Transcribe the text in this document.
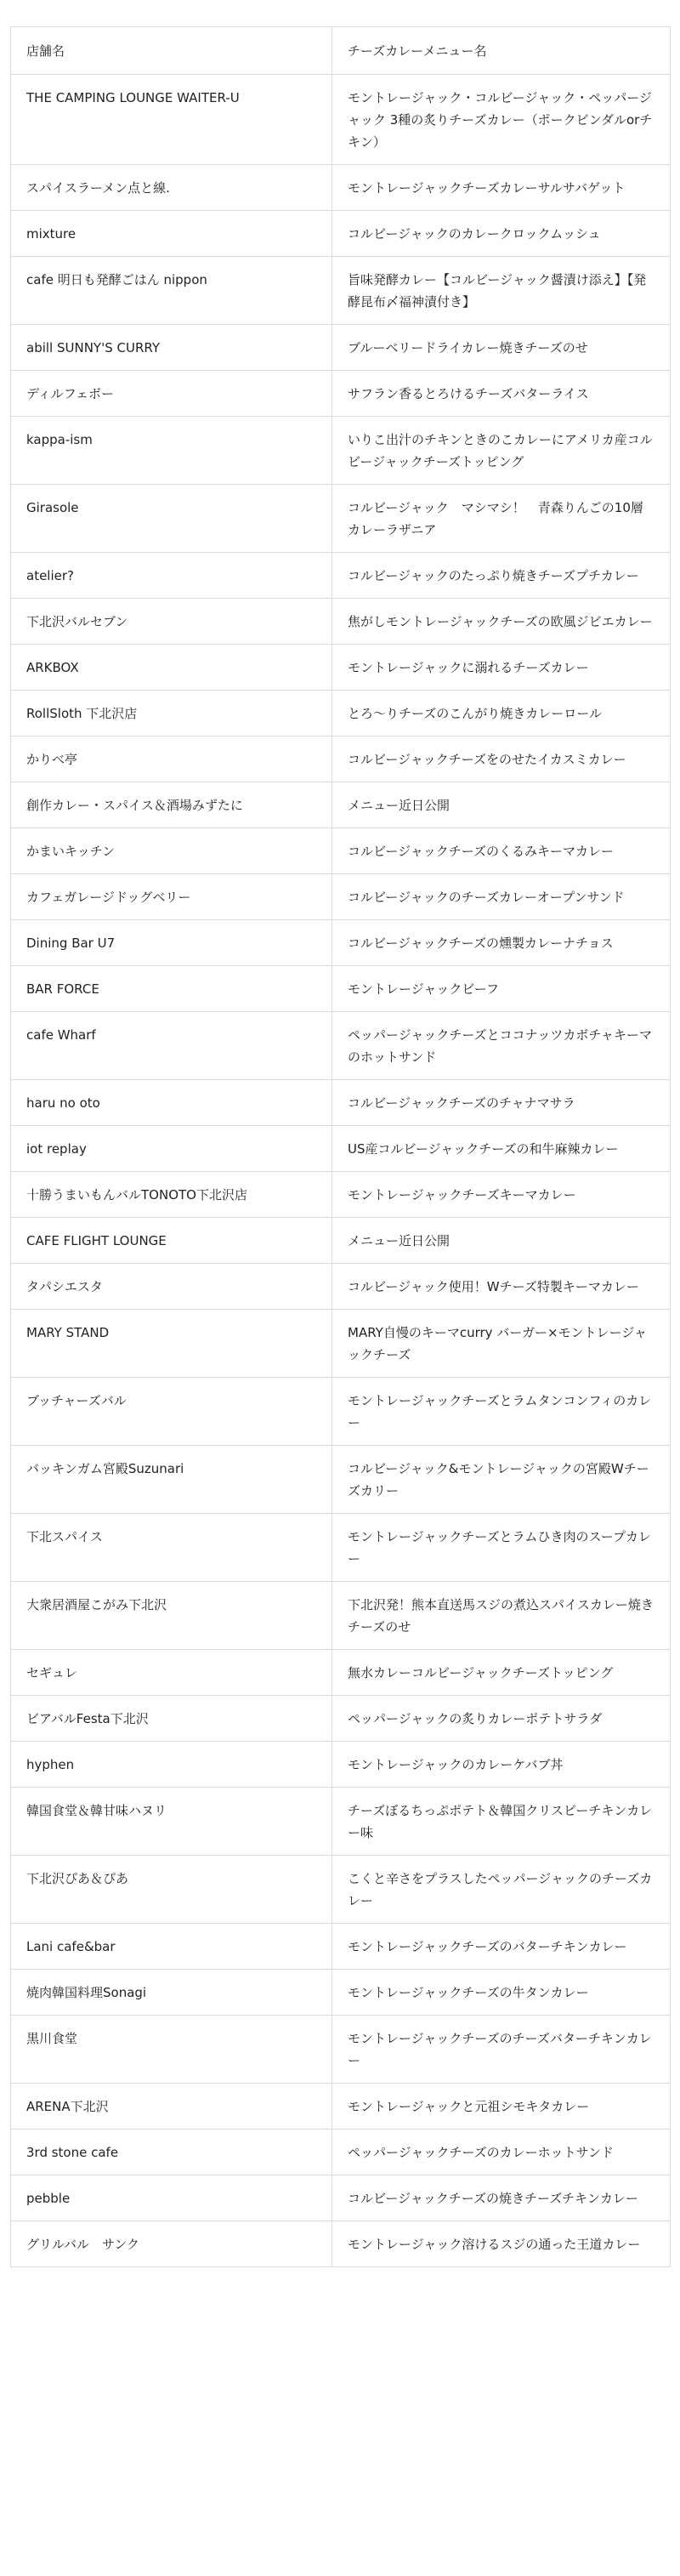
店舗名	チーズカレーメニュー名
THE CAMPING LOUNGE WAITER-U	モントレージャック・コルビージャック・ペッパージャック 3種の炙りチーズカレー（ポークビンダルorチキン）
スパイスラーメン点と線.	モントレージャックチーズカレーサルサバゲット
mixture	コルビージャックのカレークロックムッシュ
cafe 明日も発酵ごはん nippon	旨味発酵カレー【コルビージャック醤漬け添え】【発酵昆布〆福神漬付き】
abill SUNNY'S CURRY	ブルーベリードライカレー焼きチーズのせ
ディルフェボー	サフラン香るとろけるチーズバターライス
kappa-ism	いりこ出汁のチキンときのこカレーにアメリカ産コルビージャックチーズトッピング
Girasole	コルビージャック　マシマシ！　青森りんごの10層カレーラザニア
atelier?	コルビージャックのたっぷり焼きチーズプチカレー
下北沢バルセブン	焦がしモントレージャックチーズの欧風ジビエカレー
ARKBOX	モントレージャックに溺れるチーズカレー
RollSloth 下北沢店	とろ〜りチーズのこんがり焼きカレーロール
かりべ亭	コルビージャックチーズをのせたイカスミカレー
創作カレー・スパイス＆酒場みずたに	メニュー近日公開
かまいキッチン	コルビージャックチーズのくるみキーマカレー
カフェガレージドッグベリー	コルビージャックのチーズカレーオープンサンド
Dining Bar U7	コルビージャックチーズの燻製カレーナチョス
BAR FORCE	モントレージャックビーフ
cafe Wharf	ペッパージャックチーズとココナッツカボチャキーマのホットサンド
haru no oto	コルビージャックチーズのチャナマサラ
iot replay	US産コルビージャックチーズの和牛麻辣カレー
十勝うまいもんバルTONOTO下北沢店	モントレージャックチーズキーマカレー
CAFE FLIGHT LOUNGE	メニュー近日公開
タパシエスタ	コルビージャック使用！Wチーズ特製キーマカレー
MARY STAND	MARY自慢のキーマcurry バーガー×モントレージャックチーズ
ブッチャーズバル	モントレージャックチーズとラムタンコンフィのカレー
バッキンガム宮殿Suzunari	コルビージャック&モントレージャックの宮殿Wチーズカリー
下北スパイス	モントレージャックチーズとラムひき肉のスープカレー
大衆居酒屋こがみ下北沢	下北沢発！熊本直送馬スジの煮込スパイスカレー焼きチーズのせ
セギュレ	無水カレーコルビージャックチーズトッピング
ビアバルFesta下北沢	ペッパージャックの炙りカレーポテトサラダ
hyphen	モントレージャックのカレーケバブ丼
韓国食堂＆韓甘味ハヌリ	チーズぼるちっぷポテト＆韓国クリスピーチキンカレー味
下北沢ぴあ＆ぴあ	こくと辛さをプラスしたペッパージャックのチーズカレー
Lani cafe&bar	モントレージャックチーズのバターチキンカレー
焼肉韓国料理Sonagi	モントレージャックチーズの牛タンカレー
黒川食堂	モントレージャックチーズのチーズバターチキンカレー
ARENA下北沢	モントレージャックと元祖シモキタカレー
3rd stone cafe	ペッパージャックチーズのカレーホットサンド
pebble	コルビージャックチーズの焼きチーズチキンカレー
グリルバル　サンク	モントレージャック溶けるスジの通った王道カレー
